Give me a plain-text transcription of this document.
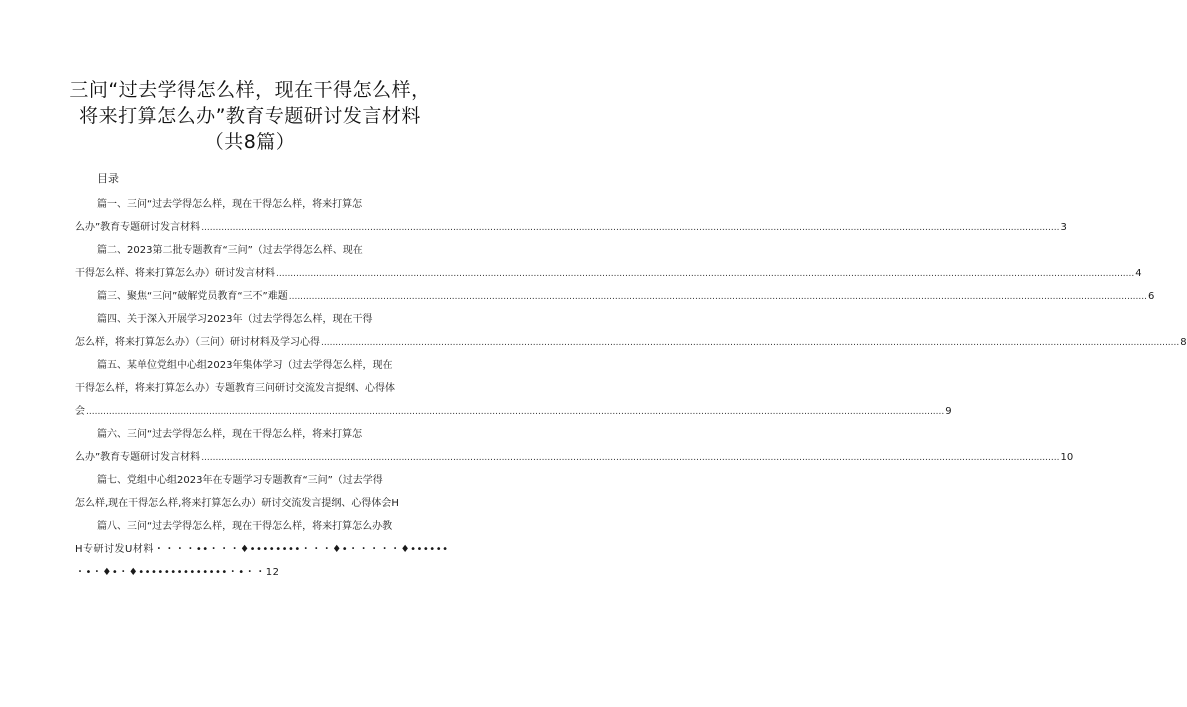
三问“过去学得怎么样，现在干得怎么样，
将来打算怎么办”教育专题研讨发言材料
（共8篇）
目录
篇一、三问“过去学得怎么样，现在干得怎么样，将来打算怎
么办”教育专题研讨发言材料 ............................................................................................................................................................................................................................................................................................................ 3
篇二、2023第二批专题教育“三问”（过去学得怎么样、现在
干得怎么样、将来打算怎么办）研讨发言材料 ............................................................................................................................................................................................................................................................................................................ 4
篇三、聚焦“三问”破解党员教育“三不”难题 ............................................................................................................................................................................................................................................................................................................ 6
篇四、关于深入开展学习2023年（过去学得怎么样，现在干得
怎么样，将来打算怎么办）（三问）研讨材料及学习心得 ............................................................................................................................................................................................................................................................................................................ 8
篇五、某单位党组中心组2023年集体学习（过去学得怎么样，现在
干得怎么样，将来打算怎么办）专题教育三问研讨交流发言提纲、心得体
会 ............................................................................................................................................................................................................................................................................................................ 9
篇六、三问“过去学得怎么样，现在干得怎么样，将来打算怎
么办”教育专题研讨发言材料 ............................................................................................................................................................................................................................................................................................................ 10
篇七、党组中心组2023年在专题学习专题教育“三问”（过去学得
怎么样,现在干得怎么样,将来打算怎么办）研讨交流发言提纲、心得体会H
篇八、三问“过去学得怎么样，现在干得怎么样，将来打算怎么办教
H专研讨发U材料・・・・••・・・♦••••••••・・・♦•・・・・・♦••••••
・•・♦•・♦••••••••••••••・•・・12
